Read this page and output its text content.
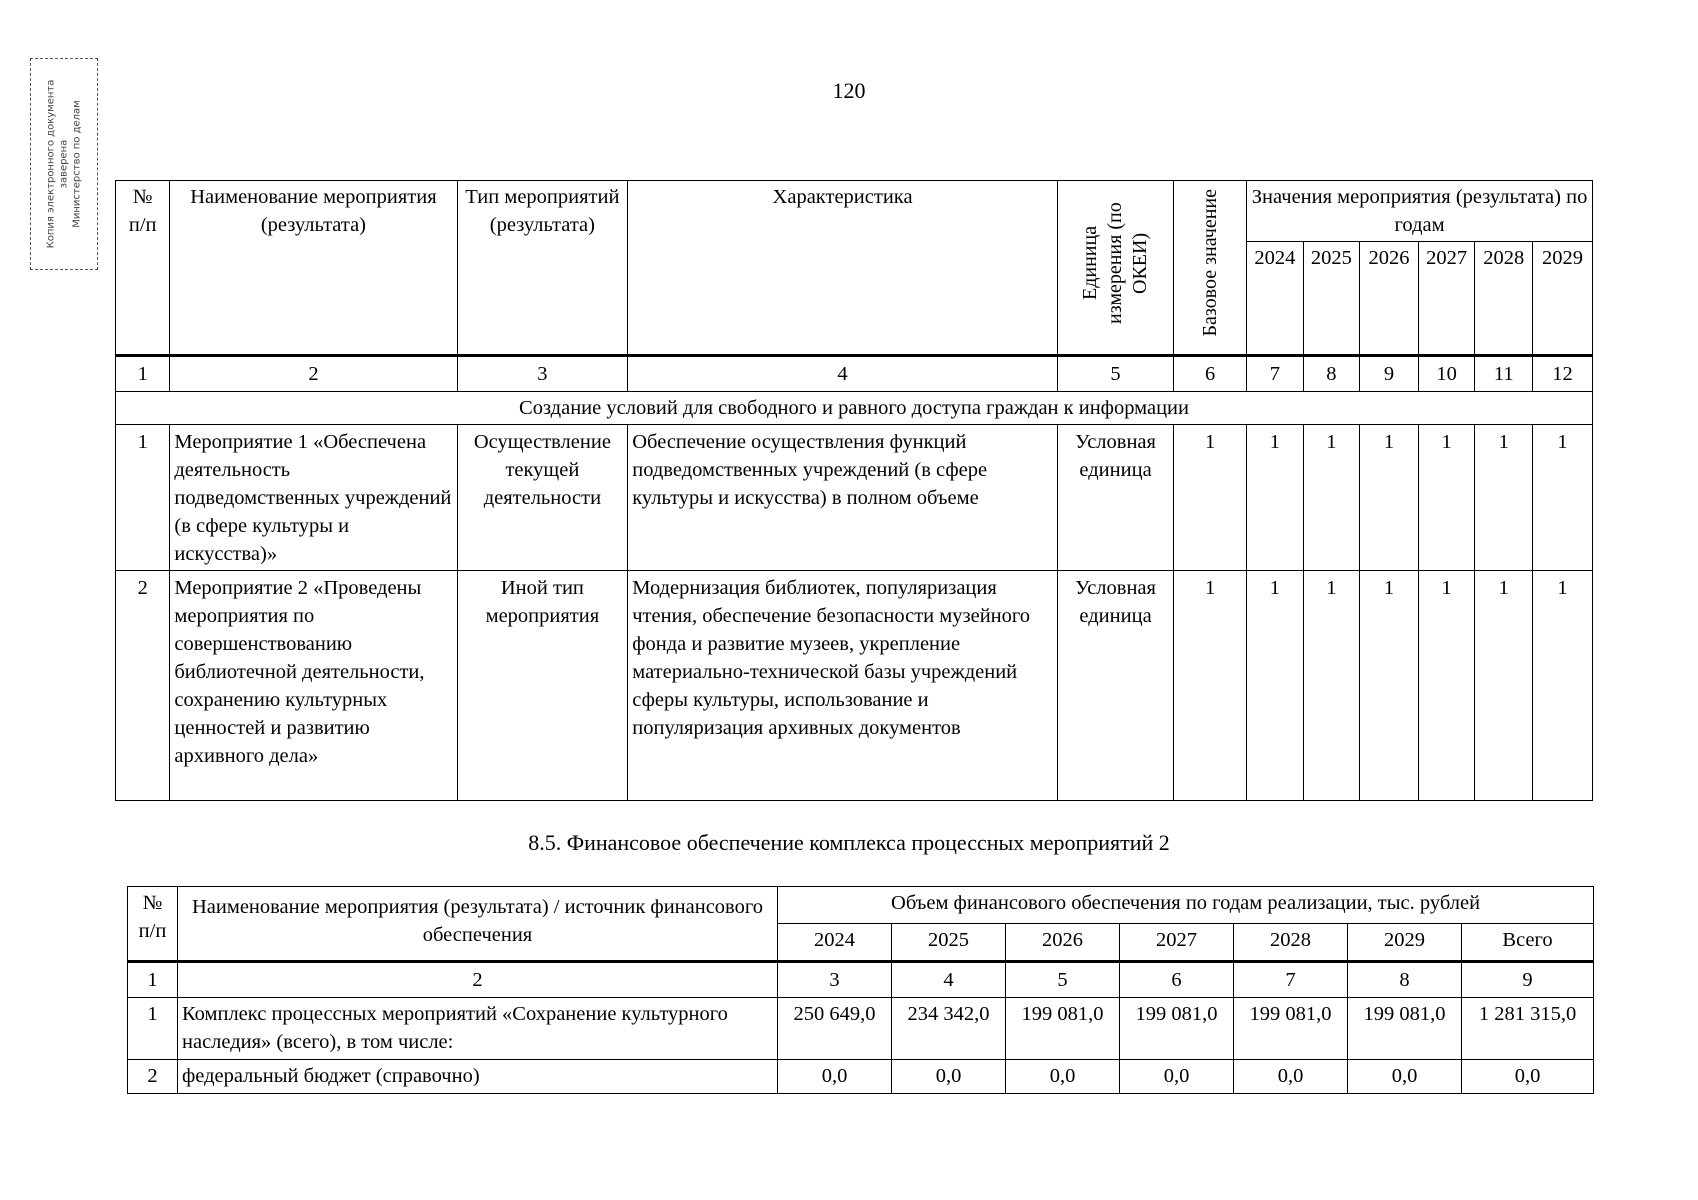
Копия электронного документа
заверена
Министерство по делам
120
№
п/п	Наименование мероприятия (результата)	Тип мероприятий (результата)	Характеристика	Единица измерения (по ОКЕИ)	Базовое значение	Значения мероприятия (результата) по годам					
						2024	2025	2026	2027	2028	2029
1	2	3	4	5	6	7	8	9	10	11	12
Создание условий для свободного и равного доступа граждан к информации											
1	Мероприятие 1 «Обеспечена деятельность подведомственных учреждений (в сфере культуры и искусства)»	Осуществление текущей деятельности	Обеспечение осуществления функций подведомственных учреждений (в сфере культуры и искусства) в полном объеме	Условная единица	1	1	1	1	1	1	1
2	Мероприятие 2 «Проведены мероприятия по совершенствованию библиотечной деятельности, сохранению культурных ценностей и развитию архивного дела»	Иной тип мероприятия	Модернизация библиотек, популяризация чтения, обеспечение безопасности музейного фонда и развитие музеев, укрепление материально-технической базы учреждений сферы культуры, использование и популяризация архивных документов	Условная единица	1	1	1	1	1	1	1
8.5. Финансовое обеспечение комплекса процессных мероприятий 2
№
п/п	Наименование мероприятия (результата) / источник финансового обеспечения	Объем финансового обеспечения по годам реализации, тыс. рублей						
		2024	2025	2026	2027	2028	2029	Всего
1	2	3	4	5	6	7	8	9
1	Комплекс процессных мероприятий «Сохранение культурного наследия» (всего), в том числе:	250 649,0	234 342,0	199 081,0	199 081,0	199 081,0	199 081,0	1 281 315,0
2	федеральный бюджет (справочно)	0,0	0,0	0,0	0,0	0,0	0,0	0,0
